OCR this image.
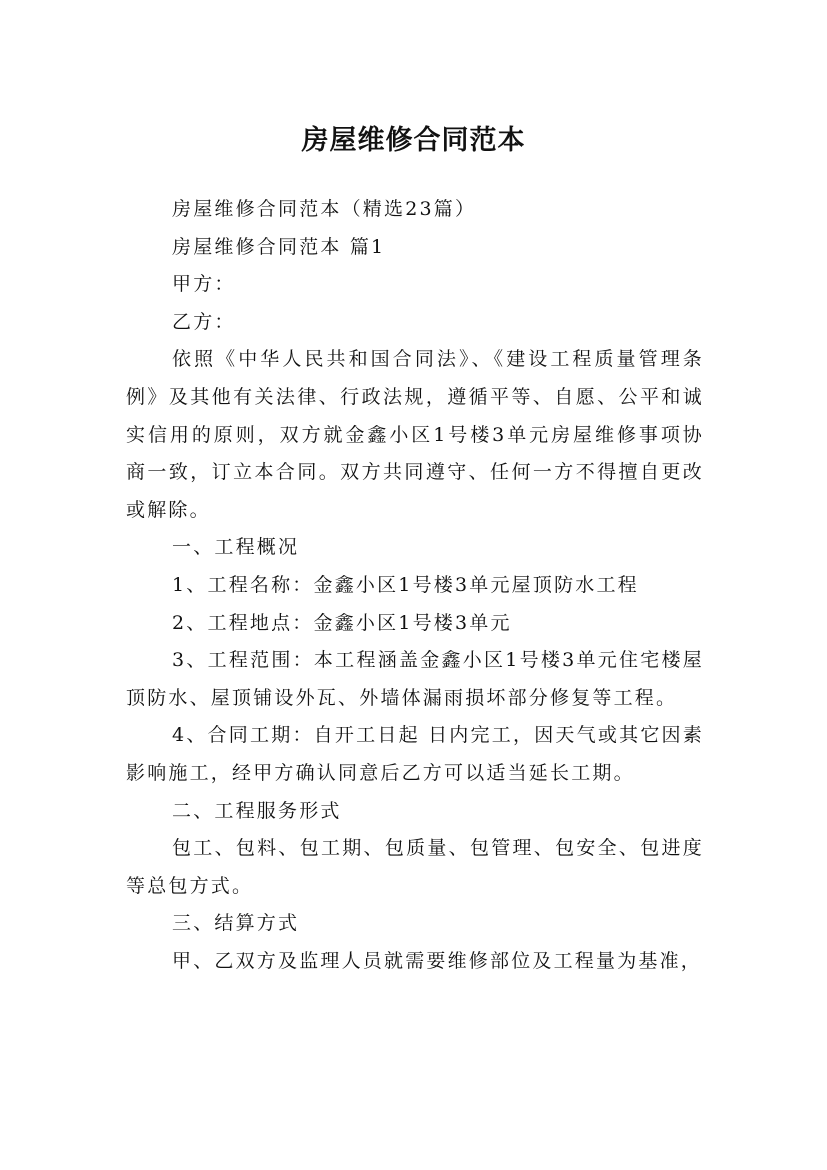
房屋维修合同范本

房屋维修合同范本（精选23篇）

房屋维修合同范本 篇1

甲方：

乙方：

依照《中华人民共和国合同法》、《建设工程质量管理条例》及其他有关法律、行政法规，遵循平等、自愿、公平和诚实信用的原则，双方就金鑫小区1号楼3单元房屋维修事项协商一致，订立本合同。双方共同遵守、任何一方不得擅自更改或解除。

一、工程概况

1、工程名称：金鑫小区1号楼3单元屋顶防水工程

2、工程地点：金鑫小区1号楼3单元

3、工程范围：本工程涵盖金鑫小区1号楼3单元住宅楼屋顶防水、屋顶铺设外瓦、外墙体漏雨损坏部分修复等工程。

4、合同工期：自开工日起 日内完工，因天气或其它因素影响施工，经甲方确认同意后乙方可以适当延长工期。

二、工程服务形式

包工、包料、包工期、包质量、包管理、包安全、包进度等总包方式。

三、结算方式

甲、乙双方及监理人员就需要维修部位及工程量为基准，
